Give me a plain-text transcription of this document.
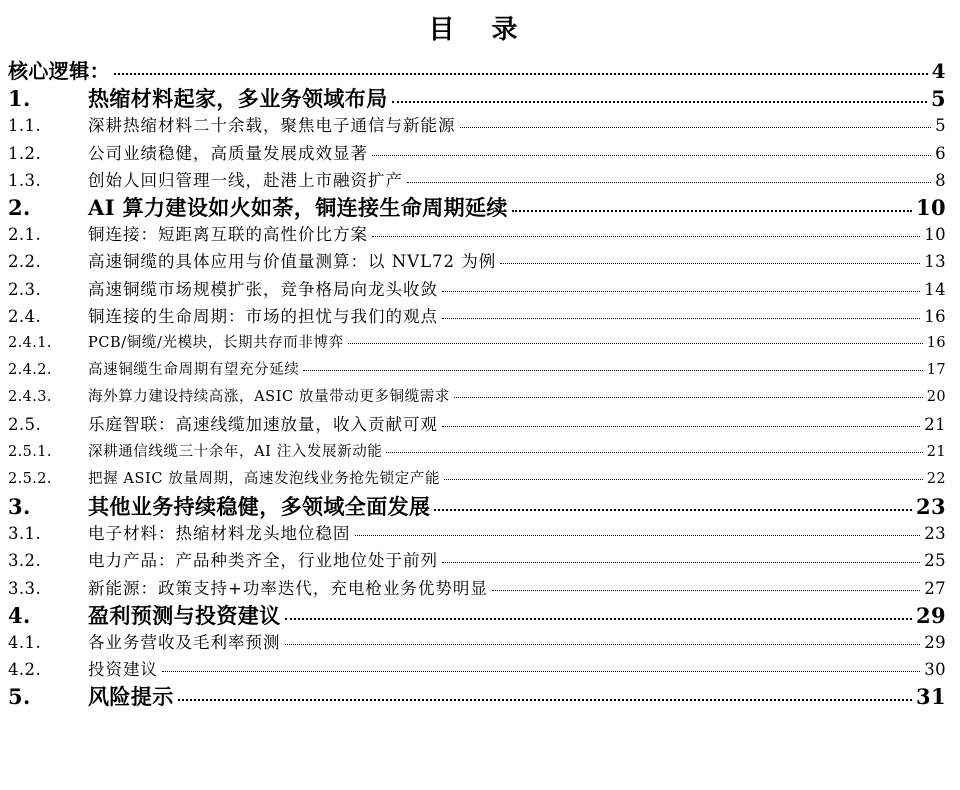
目 录
核心逻辑：	4
1.	热缩材料起家，多业务领域布局	5
1.1.	深耕热缩材料二十余载，聚焦电子通信与新能源	5
1.2.	公司业绩稳健，高质量发展成效显著	6
1.3.	创始人回归管理一线，赴港上市融资扩产	8
2.	AI 算力建设如火如荼，铜连接生命周期延续	10
2.1.	铜连接：短距离互联的高性价比方案	10
2.2.	高速铜缆的具体应用与价值量测算：以 NVL72 为例	13
2.3.	高速铜缆市场规模扩张，竞争格局向龙头收敛	14
2.4.	铜连接的生命周期：市场的担忧与我们的观点	16
2.4.1.	PCB/铜缆/光模块，长期共存而非博弈	16
2.4.2.	高速铜缆生命周期有望充分延续	17
2.4.3.	海外算力建设持续高涨，ASIC 放量带动更多铜缆需求	20
2.5.	乐庭智联：高速线缆加速放量，收入贡献可观	21
2.5.1.	深耕通信线缆三十余年，AI 注入发展新动能	21
2.5.2.	把握 ASIC 放量周期，高速发泡线业务抢先锁定产能	22
3.	其他业务持续稳健，多领域全面发展	23
3.1.	电子材料：热缩材料龙头地位稳固	23
3.2.	电力产品：产品种类齐全，行业地位处于前列	25
3.3.	新能源：政策支持+功率迭代，充电枪业务优势明显	27
4.	盈利预测与投资建议	29
4.1.	各业务营收及毛利率预测	29
4.2.	投资建议	30
5.	风险提示	31
